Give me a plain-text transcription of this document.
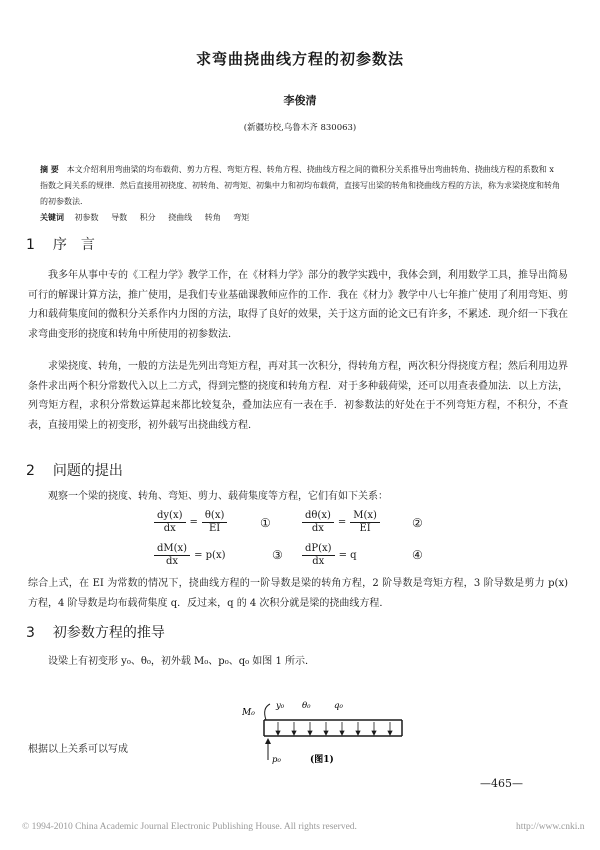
求弯曲挠曲线方程的初参数法
李俊清
(新疆坊校,乌鲁木齐 830063)
摘 要 本文介绍利用弯曲梁的均布载荷、剪力方程、弯矩方程、转角方程、挠曲线方程之间的微积分关系推导出弯曲转角、挠曲线方程的系数和 x 指数之间关系的规律．然后直接用初挠度、初转角、初弯矩、初集中力和初均布载荷，直接写出梁的转角和挠曲线方程的方法，称为求梁挠度和转角的初参数法．
关键词 初参数 导数 积分 挠曲线 转角 弯矩
1 序　言
我多年从事中专的《工程力学》教学工作，在《材料力学》部分的教学实践中，我体会到，利用数学工具，推导出简易可行的解课计算方法，推广使用，是我们专业基础课教师应作的工作．我在《材力》教学中八七年推广使用了利用弯矩、剪力和载荷集度间的微积分关系作内力图的方法，取得了良好的效果，关于这方面的论文已有许多，不累述．现介绍一下我在求弯曲变形的挠度和转角中所使用的初参数法．
求梁挠度、转角，一般的方法是先列出弯矩方程，再对其一次积分，得转角方程，两次积分得挠度方程；然后利用边界条件求出两个积分常数代入以上二方式，得到完整的挠度和转角方程．对于多种载荷梁，还可以用查表叠加法．以上方法，列弯矩方程，求积分常数运算起来都比较复杂，叠加法应有一表在手．初参数法的好处在于不列弯矩方程，不积分，不查表，直接用梁上的初变形，初外载写出挠曲线方程．
2 问题的提出
观察一个梁的挠度、转角、弯矩、剪力、载荷集度等方程，它们有如下关系：
$\frac{dy(x)}{dx} = \frac{\theta(x)}{EI}$	①	$\frac{d\theta(x)}{dx} = \frac{M(x)}{EI}$	②
$\frac{dM(x)}{dx} = p(x)$	③ $\frac{dP(x)}{dx} = q$	④
综合上式，在 EI 为常数的情况下，挠曲线方程的一阶导数是梁的转角方程，2 阶导数是弯矩方程，3 阶导数是剪力 p(x) 方程，4 阶导数是均布载荷集度 q．反过来，q 的 4 次积分就是梁的挠曲线方程．
3 初参数方程的推导
设梁上有初变形 y₀、θ₀，初外载 M₀、p₀、q₀ 如图 1 所示．
M₀
y₀ θ₀	q₀
p₀	(图1)
根据以上关系可以写成
—465—
© 1994-2010 China Academic Journal Electronic Publishing House. All rights reserved.	http://www.cnki.n
